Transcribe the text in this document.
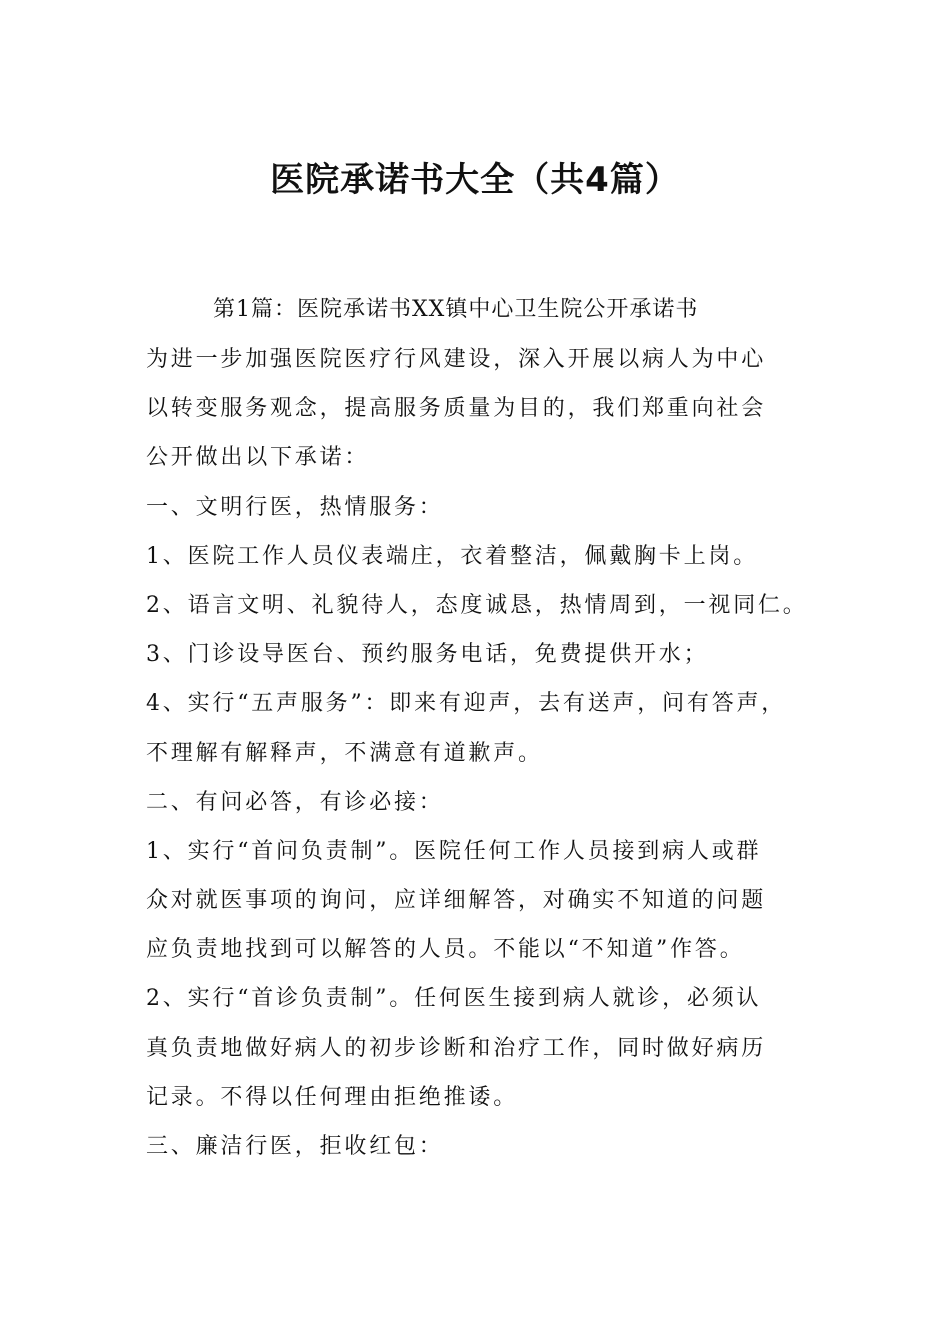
医院承诺书大全（共4篇）

第1篇：医院承诺书XX镇中心卫生院公开承诺书

为进一步加强医院医疗行风建设，深入开展以病人为中心
以转变服务观念，提高服务质量为目的，我们郑重向社会
公开做出以下承诺：
一、文明行医，热情服务：
1、医院工作人员仪表端庄，衣着整洁，佩戴胸卡上岗。
2、语言文明、礼貌待人，态度诚恳，热情周到，一视同仁。
3、门诊设导医台、预约服务电话，免费提供开水；
4、实行“五声服务”：即来有迎声，去有送声，问有答声，
不理解有解释声，不满意有道歉声。
二、有问必答，有诊必接：
1、实行“首问负责制”。医院任何工作人员接到病人或群
众对就医事项的询问，应详细解答，对确实不知道的问题
应负责地找到可以解答的人员。不能以“不知道”作答。
2、实行“首诊负责制”。任何医生接到病人就诊，必须认
真负责地做好病人的初步诊断和治疗工作，同时做好病历
记录。不得以任何理由拒绝推诿。
三、廉洁行医，拒收红包：
